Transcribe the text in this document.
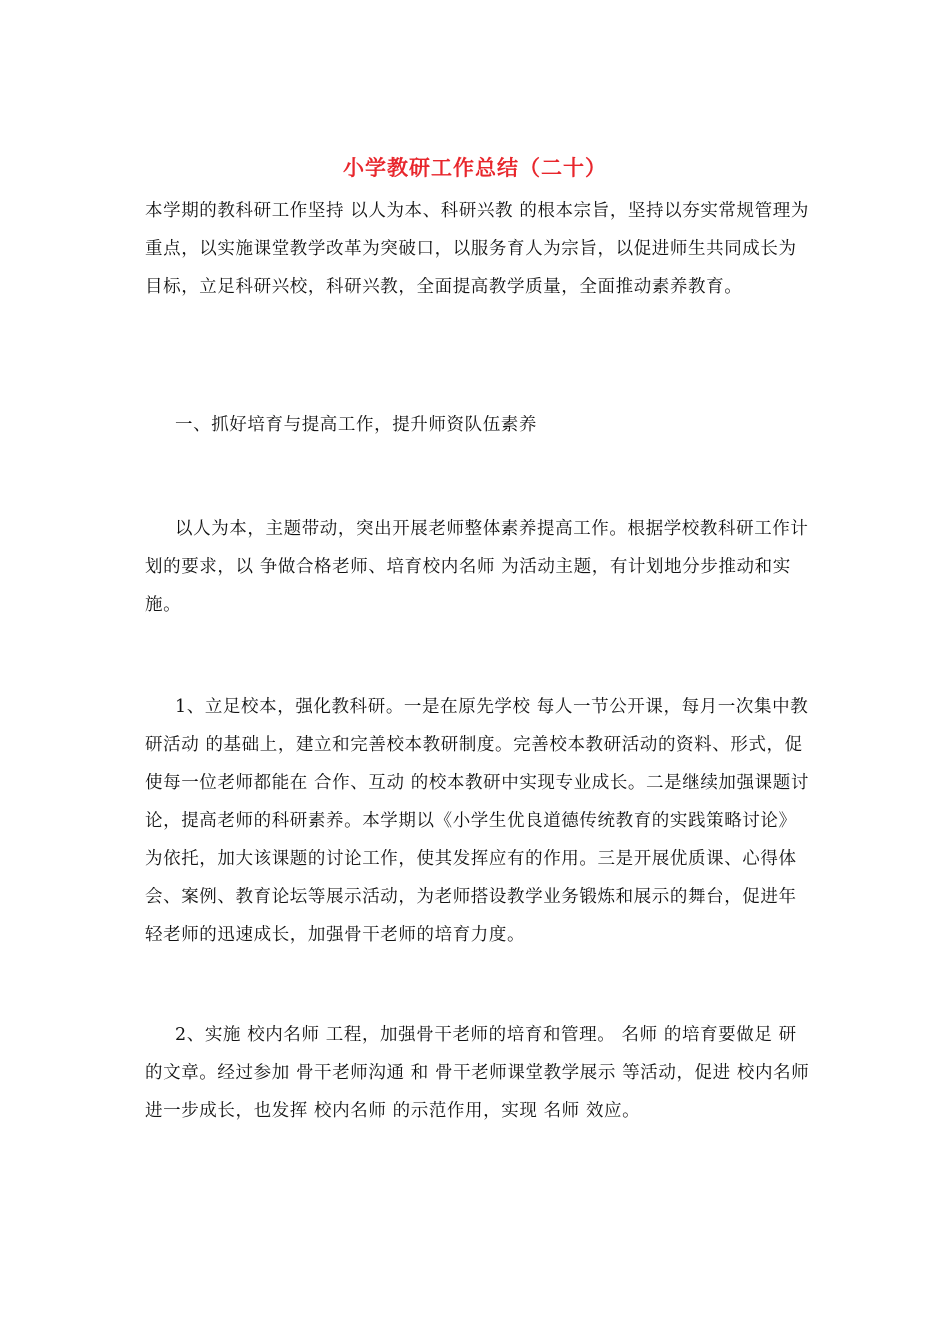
小学教研工作总结（二十）

本学期的教科研工作坚持 以人为本、科研兴教 的根本宗旨，坚持以夯实常规管理为重点，以实施课堂教学改革为突破口，以服务育人为宗旨，以促进师生共同成长为目标，立足科研兴校，科研兴教，全面提高教学质量，全面推动素养教育。

一、抓好培育与提高工作，提升师资队伍素养

以人为本，主题带动，突出开展老师整体素养提高工作。根据学校教科研工作计划的要求，以 争做合格老师、培育校内名师 为活动主题，有计划地分步推动和实施。

1、立足校本，强化教科研。一是在原先学校 每人一节公开课，每月一次集中教研活动 的基础上，建立和完善校本教研制度。完善校本教研活动的资料、形式，促使每一位老师都能在 合作、互动 的校本教研中实现专业成长。二是继续加强课题讨论，提高老师的科研素养。本学期以《小学生优良道德传统教育的实践策略讨论》为依托，加大该课题的讨论工作，使其发挥应有的作用。三是开展优质课、心得体会、案例、教育论坛等展示活动，为老师搭设教学业务锻炼和展示的舞台，促进年轻老师的迅速成长，加强骨干老师的培育力度。

2、实施 校内名师 工程，加强骨干老师的培育和管理。 名师 的培育要做足 研 的文章。经过参加 骨干老师沟通 和 骨干老师课堂教学展示 等活动，促进 校内名师 进一步成长，也发挥 校内名师 的示范作用，实现 名师 效应。
